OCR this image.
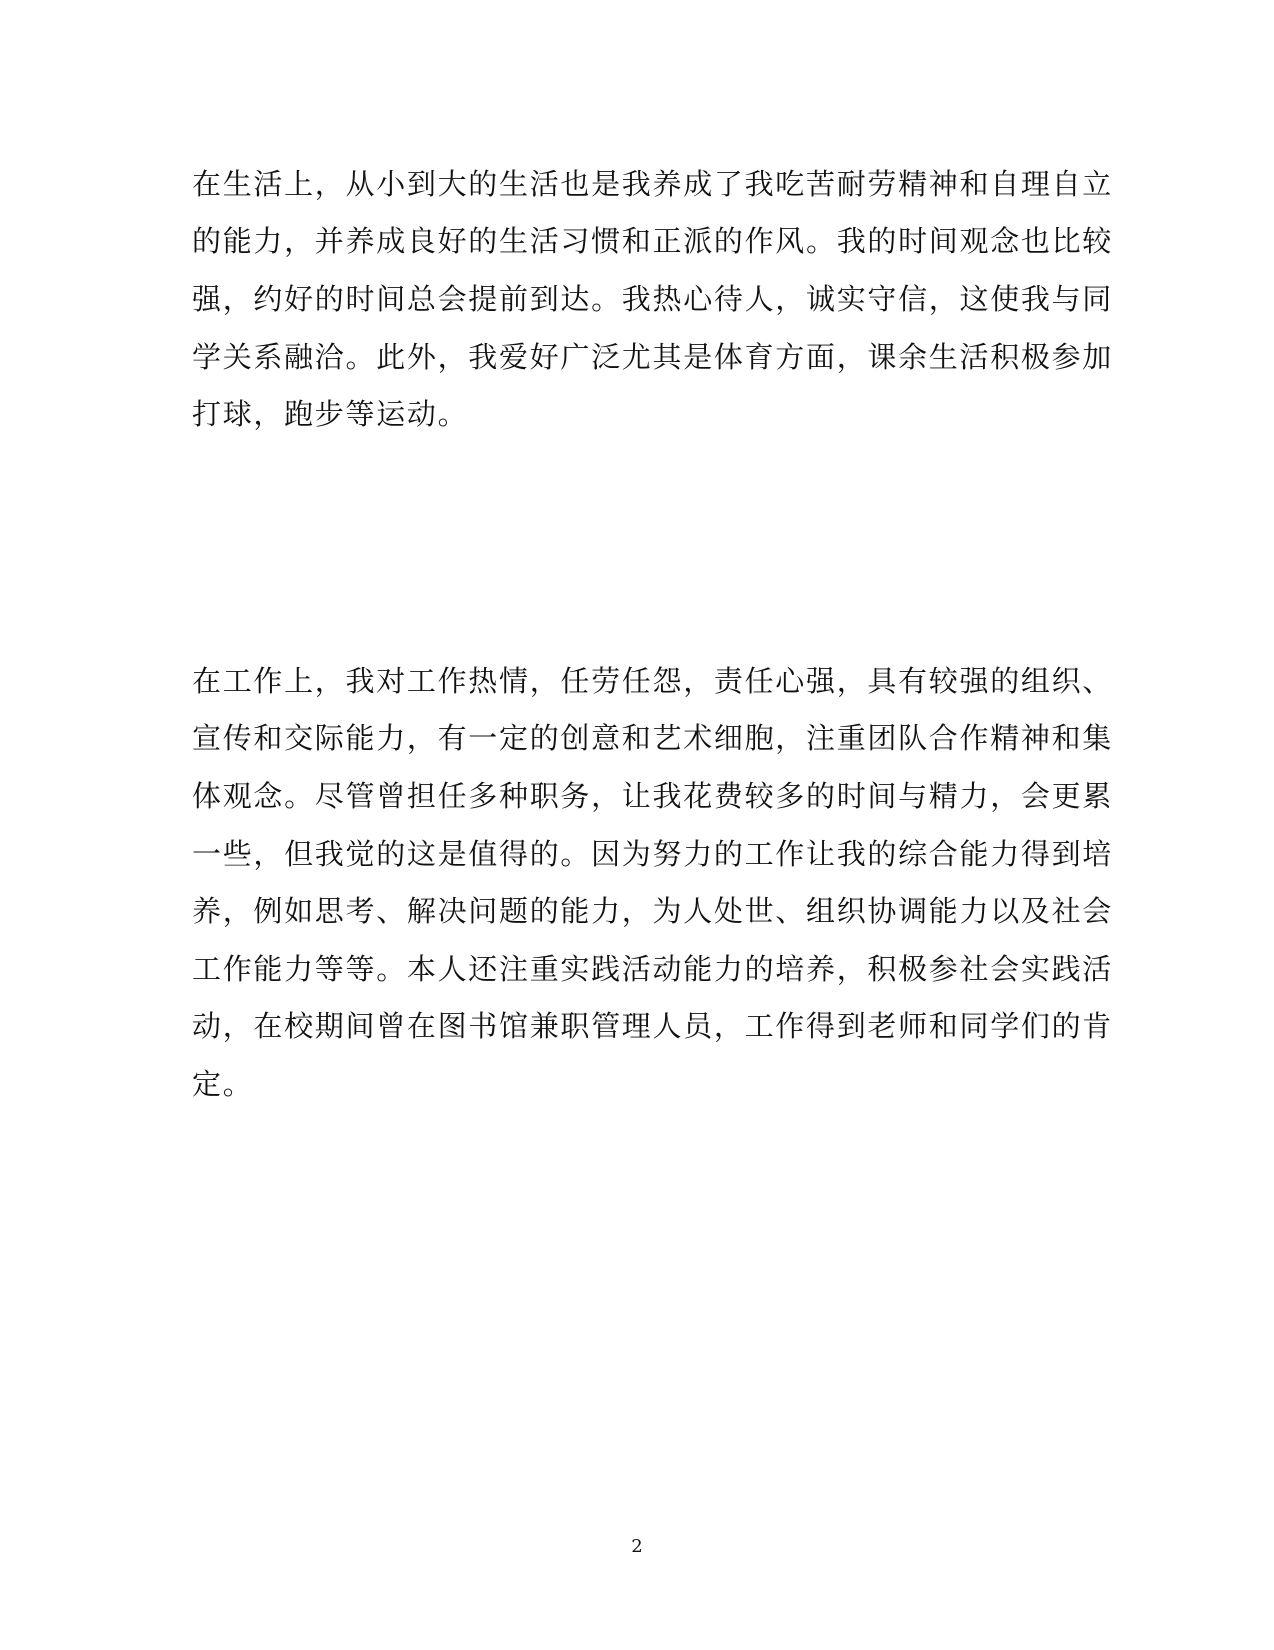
在生活上，从小到大的生活也是我养成了我吃苦耐劳精神和自理自立
的能力，并养成良好的生活习惯和正派的作风。我的时间观念也比较
强，约好的时间总会提前到达。我热心待人，诚实守信，这使我与同
学关系融洽。此外，我爱好广泛尤其是体育方面，课余生活积极参加
打球，跑步等运动。
在工作上，我对工作热情，任劳任怨，责任心强，具有较强的组织、
宣传和交际能力，有一定的创意和艺术细胞，注重团队合作精神和集
体观念。尽管曾担任多种职务，让我花费较多的时间与精力，会更累
一些，但我觉的这是值得的。因为努力的工作让我的综合能力得到培
养，例如思考、解决问题的能力，为人处世、组织协调能力以及社会
工作能力等等。本人还注重实践活动能力的培养，积极参社会实践活
动，在校期间曾在图书馆兼职管理人员，工作得到老师和同学们的肯
定。
2
